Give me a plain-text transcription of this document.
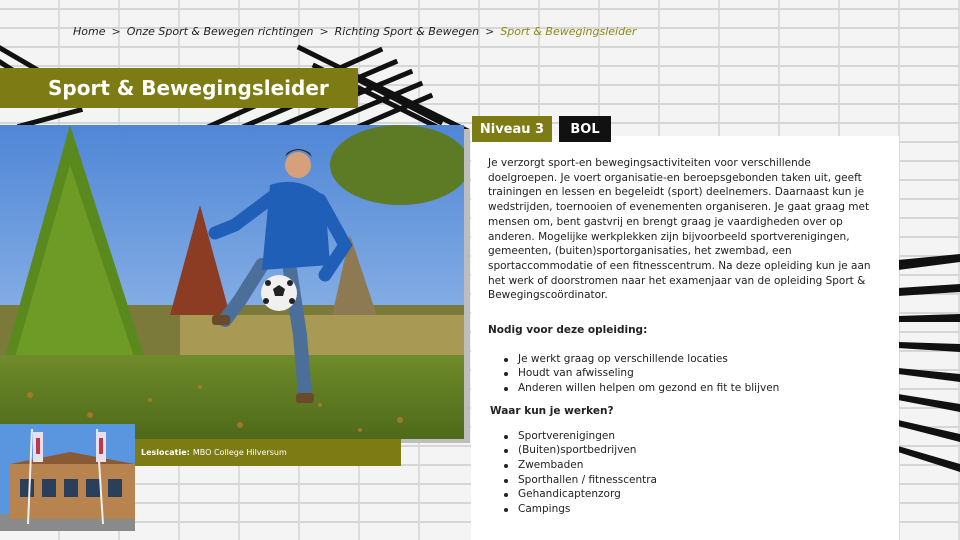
Home > Onze Sport & Bewegen richtingen > Richting Sport & Bewegen > Sport & Bewegingsleider
Sport & Bewegingsleider
Leslocatie: MBO College Hilversum

Je verzorgt sport-en bewegingsactiviteiten voor verschillende doelgroepen. Je voert organisatie-en beroepsgebonden taken uit, geeft trainingen en lessen en begeleidt (sport) deelnemers. Daarnaast kun je wedstrijden, toernooien of evenementen organiseren. Je gaat graag met mensen om, bent gastvrij en brengt graag je vaardigheden over op anderen. Mogelijke werkplekken zijn bijvoorbeeld sportverenigingen, gemeenten, (buiten)sportorganisaties, het zwembad, een sportaccommodatie of een fitnesscentrum. Na deze opleiding kun je aan het werk of doorstromen naar het examenjaar van de opleiding Sport & Bewegingscoördinator.

Nodig voor deze opleiding:
Je werkt graag op verschillende locaties
Houdt van afwisseling
Anderen willen helpen om gezond en fit te blijven
Waar kun je werken?
Sportverenigingen
(Buiten)sportbedrijven
Zwembaden
Sporthallen / fitnesscentra
Gehandicaptenzorg
Campings
Niveau 3	BOL
